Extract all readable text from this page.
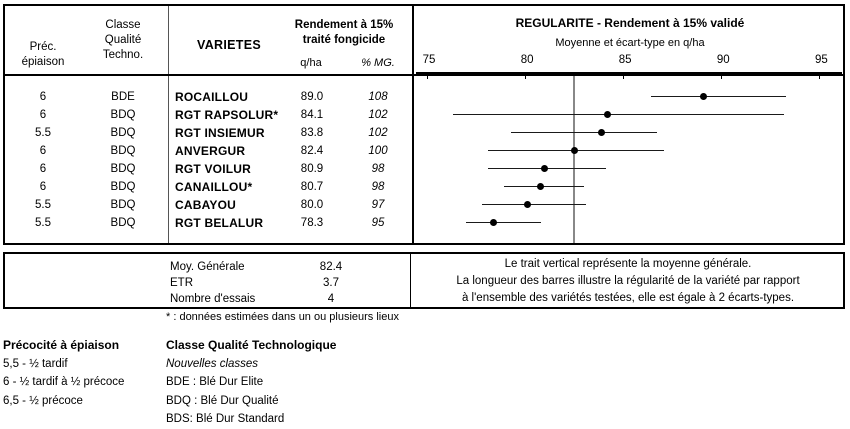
Préc.
épiaison
Classe
Qualité
Techno.
VARIETES
Rendement à 15%
traité fongicide
q/ha	% MG.
REGULARITE - Rendement à 15% validé
Moyenne et écart-type en q/ha
75	80	85	90	95
6	BDE	ROCAILLOU	89.0	108
6	BDQ	RGT RAPSOLUR*	84.1	102
5.5	BDQ	RGT INSIEMUR	83.8	102
6	BDQ	ANVERGUR	82.4	100
6	BDQ	RGT VOILUR	80.9	98
6	BDQ	CANAILLOU*	80.7	98
5.5	BDQ	CABAYOU	80.0	97
5.5	BDQ	RGT BELALUR	78.3	95
Moy. Générale	82.4
ETR	3.7
Nombre d'essais	4
Le trait vertical représente la moyenne générale.
La longueur des barres illustre la régularité de la variété par rapport
à l'ensemble des variétés testées, elle est égale à 2 écarts-types.
* : données estimées dans un ou plusieurs lieux
Précocité à épiaison
5,5 - ½ tardif
6 - ½ tardif à ½ précoce
6,5 - ½ précoce
Classe Qualité Technologique
Nouvelles classes
BDE : Blé Dur Elite
BDQ : Blé Dur Qualité
BDS: Blé Dur Standard
